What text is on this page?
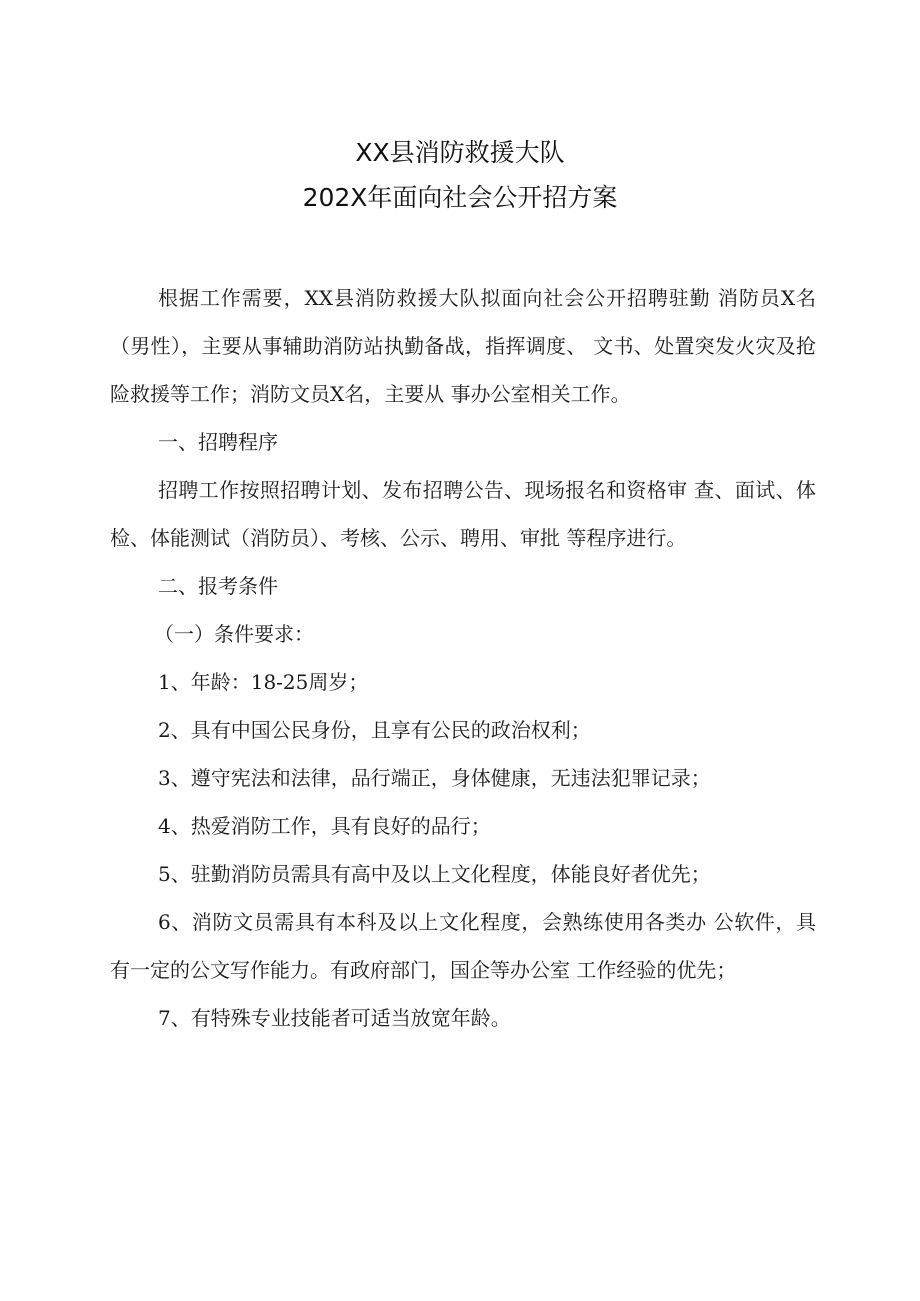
XX县消防救援大队
202X年面向社会公开招方案

根据工作需要，XX县消防救援大队拟面向社会公开招聘驻勤 消防员X名（男性），主要从事辅助消防站执勤备战，指挥调度、 文书、处置突发火灾及抢险救援等工作；消防文员X名，主要从 事办公室相关工作。

一、招聘程序

招聘工作按照招聘计划、发布招聘公告、现场报名和资格审 查、面试、体检、体能测试（消防员）、考核、公示、聘用、审批 等程序进行。

二、报考条件

（一）条件要求：

1、年龄：18-25周岁；

2、具有中国公民身份，且享有公民的政治权利；

3、遵守宪法和法律，品行端正，身体健康，无违法犯罪记录；

4、热爱消防工作，具有良好的品行；

5、驻勤消防员需具有高中及以上文化程度，体能良好者优先；

6、消防文员需具有本科及以上文化程度，会熟练使用各类办 公软件，具有一定的公文写作能力。有政府部门，国企等办公室 工作经验的优先；

7、有特殊专业技能者可适当放宽年龄。
